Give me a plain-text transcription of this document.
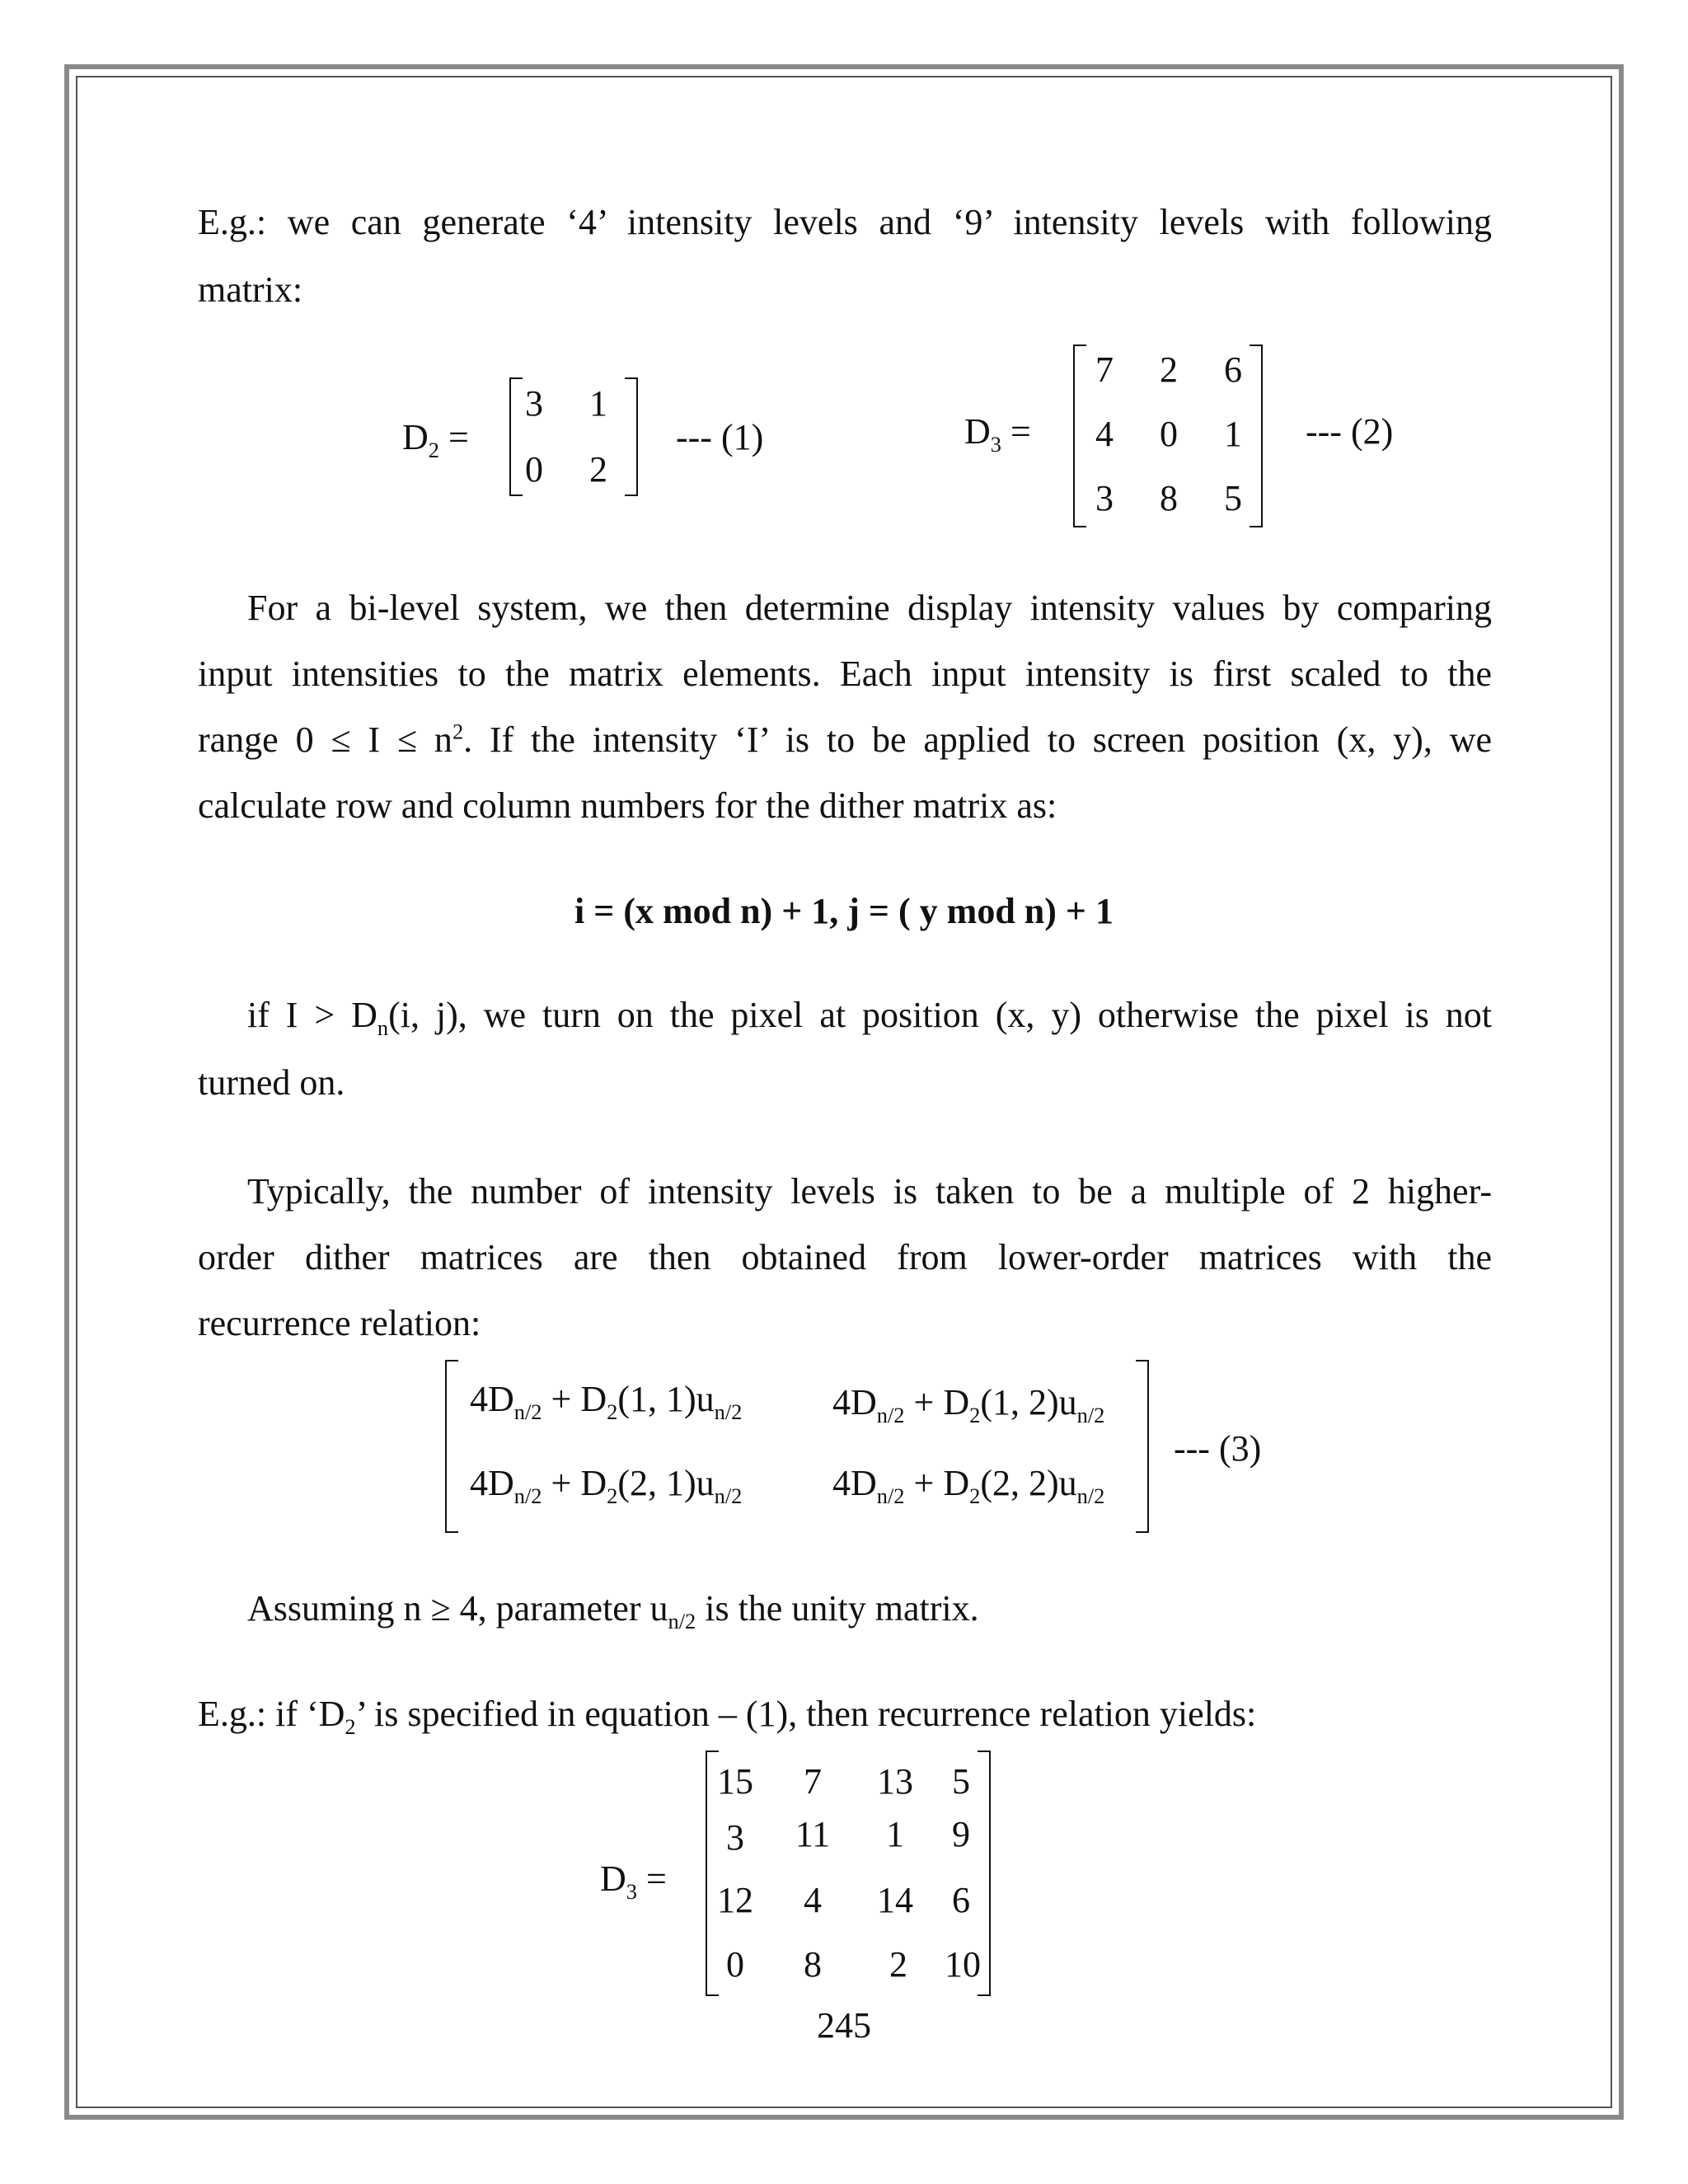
E.g.: we can generate ‘4’ intensity levels and ‘9’ intensity levels with following
matrix:
$D_2$ =
3	1
0	2
--- (1)	$D_3$ =
7	2	6
4	0	1
3	8	5
--- (2)
For a bi-level system, we then determine display intensity values by comparing
input intensities to the matrix elements. Each input intensity is first scaled to the
range $0 \le I \le n^2$. If the intensity ‘I’ is to be applied to screen position (x, y), we
calculate row and column numbers for the dither matrix as:
i = (x mod n) + 1, j = ( y mod n) + 1
if $I > D_n(i$, j), we turn on the pixel at position (x, y) otherwise the pixel is not
turned on.
Typically, the number of intensity levels is taken to be a multiple of 2 higher-
order dither matrices are then obtained from lower-order matrices with the
recurrence relation:
$4D_{n/2} + D_2(1$, $1)u_{n/2}$ $4D_{n/2} + D_2(1$, $2)u_{n/2}$
$4D_{n/2} + D_2(2$, $1)u_{n/2}$ $4D_{n/2} + D_2(2$, $2)u_{n/2}$
--- (3)
Assuming n ≥ 4, parameter $u_{n/2}$ is the unity matrix.
E.g.: if ‘$D_2$’ is specified in equation – (1), then recurrence relation yields:
$D_3$ =
15	7	13	5
3	11	1	9
12	4	14	6
0	8	2	10
245
